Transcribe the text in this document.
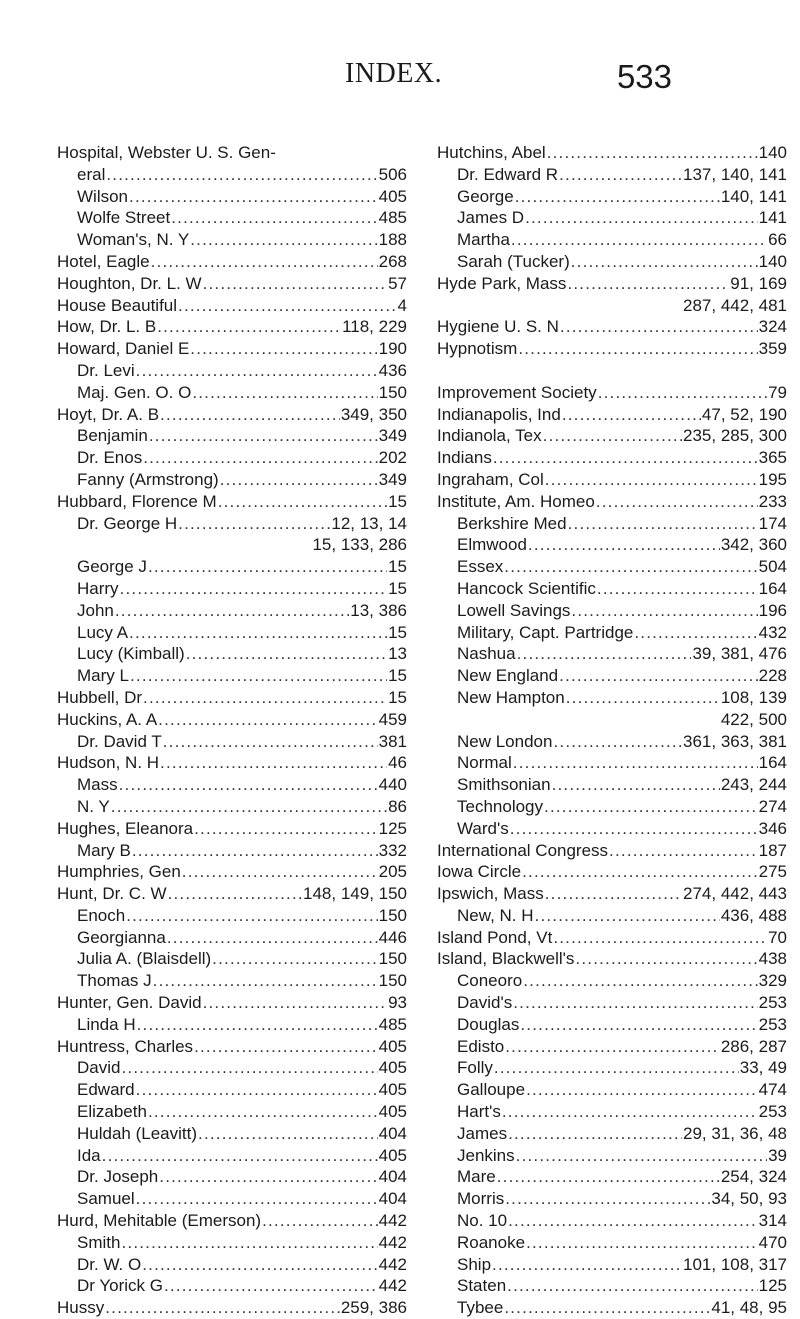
INDEX.	533
Hospital, Webster U. S. Gen-
eral .....	506
Wilson .....	405
Wolfe Street .....	485
Woman's, N. Y .....	188
Hotel, Eagle .....	268
Houghton, Dr. L. W .....	57
House Beautiful .....	4
How, Dr. L. B .....	118, 229
Howard, Daniel E .....	190
Dr. Levi .....	436
Maj. Gen. O. O .....	150
Hoyt, Dr. A. B .....	349, 350
Benjamin .....	349
Dr. Enos .....	202
Fanny (Armstrong) .....	349
Hubbard, Florence M .....	15
Dr. George H .....	12, 13, 14
15, 133, 286
George J .....	15
Harry .....	15
John .....	13, 386
Lucy A .....	15
Lucy (Kimball) .....	13
Mary L .....	15
Hubbell, Dr .....	15
Huckins, A. A .....	459
Dr. David T .....	381
Hudson, N. H .....	46
Mass .....	440
N. Y .....	86
Hughes, Eleanora .....	125
Mary B .....	332
Humphries, Gen .....	205
Hunt, Dr. C. W .....	148, 149, 150
Enoch .....	150
Georgianna .....	446
Julia A. (Blaisdell) .....	150
Thomas J .....	150
Hunter, Gen. David .....	93
Linda H .....	485
Huntress, Charles .....	405
David .....	405
Edward .....	405
Elizabeth .....	405
Huldah (Leavitt) .....	404
Ida .....	405
Dr. Joseph .....	404
Samuel .....	404
Hurd, Mehitable (Emerson) .....	442
Smith .....	442
Dr. W. O .....	442
Dr Yorick G .....	442
Hussy .....	259, 386
Hutchins, Abel .....	140
Dr. Edward R .....	137, 140, 141
George .....	140, 141
James D .....	141
Martha .....	66
Sarah (Tucker) .....	140
Hyde Park, Mass .....	91, 169
287, 442, 481
Hygiene U. S. N .....	324
Hypnotism .....	359
Improvement Society .....	79
Indianapolis, Ind .....	47, 52, 190
Indianola, Tex .....	235, 285, 300
Indians .....	365
Ingraham, Col .....	195
Institute, Am. Homeo .....	233
Berkshire Med .....	174
Elmwood .....	342, 360
Essex .....	504
Hancock Scientific .....	164
Lowell Savings .....	196
Military, Capt. Partridge .....	432
Nashua .....	39, 381, 476
New England .....	228
New Hampton .....	108, 139
422, 500
New London .....	361, 363, 381
Normal .....	164
Smithsonian .....	243, 244
Technology .....	274
Ward's .....	346
International Congress .....	187
Iowa Circle .....	275
Ipswich, Mass .....	274, 442, 443
New, N. H .....	436, 488
Island Pond, Vt .....	70
Island, Blackwell's .....	438
Coneoro .....	329
David's .....	253
Douglas .....	253
Edisto .....	286, 287
Folly .....	33, 49
Galloupe .....	474
Hart's .....	253
James .....	29, 31, 36, 48
Jenkins .....	39
Mare .....	254, 324
Morris .....	34, 50, 93
No. 10 .....	314
Roanoke .....	470
Ship .....	101, 108, 317
Staten .....	125
Tybee .....	41, 48, 95
